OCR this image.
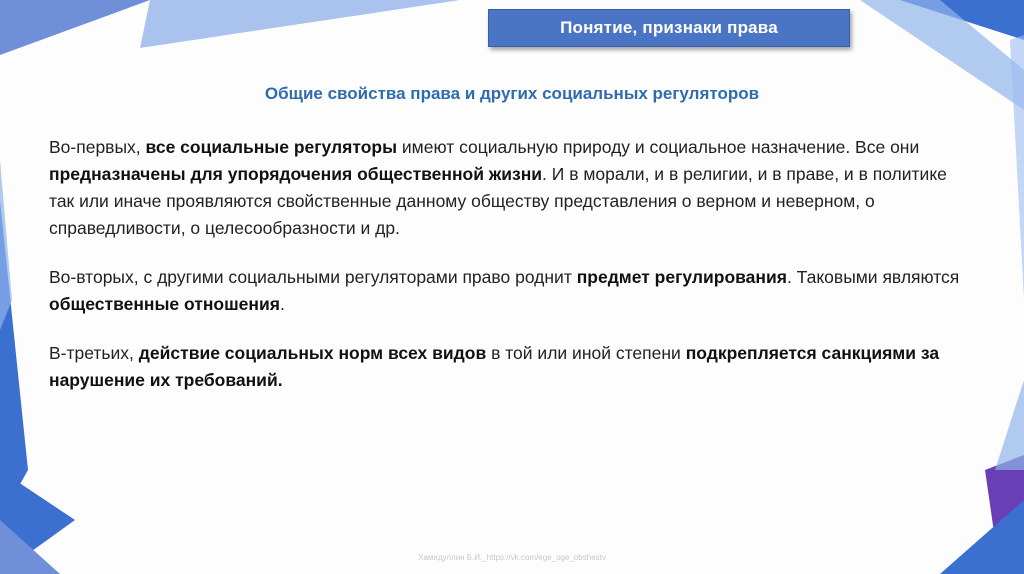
Понятие, признаки права
Общие свойства права и других социальных регуляторов
Во-первых, все социальные регуляторы имеют социальную природу и социальное назначение. Все они предназначены для упорядочения общественной жизни. И в морали, и в религии, и в праве, и в политике так или иначе проявляются свойственные данному обществу представления о верном и неверном, о справедливости, о целесообразности и др.
Во-вторых, с другими социальными регуляторами право роднит предмет регулирования. Таковыми являются общественные отношения.
В-третьих, действие социальных норм всех видов в той или иной степени подкрепляется санкциями за нарушение их требований.
Хамидуллин Б.И._https://vk.com/ege_oge_obshestv
